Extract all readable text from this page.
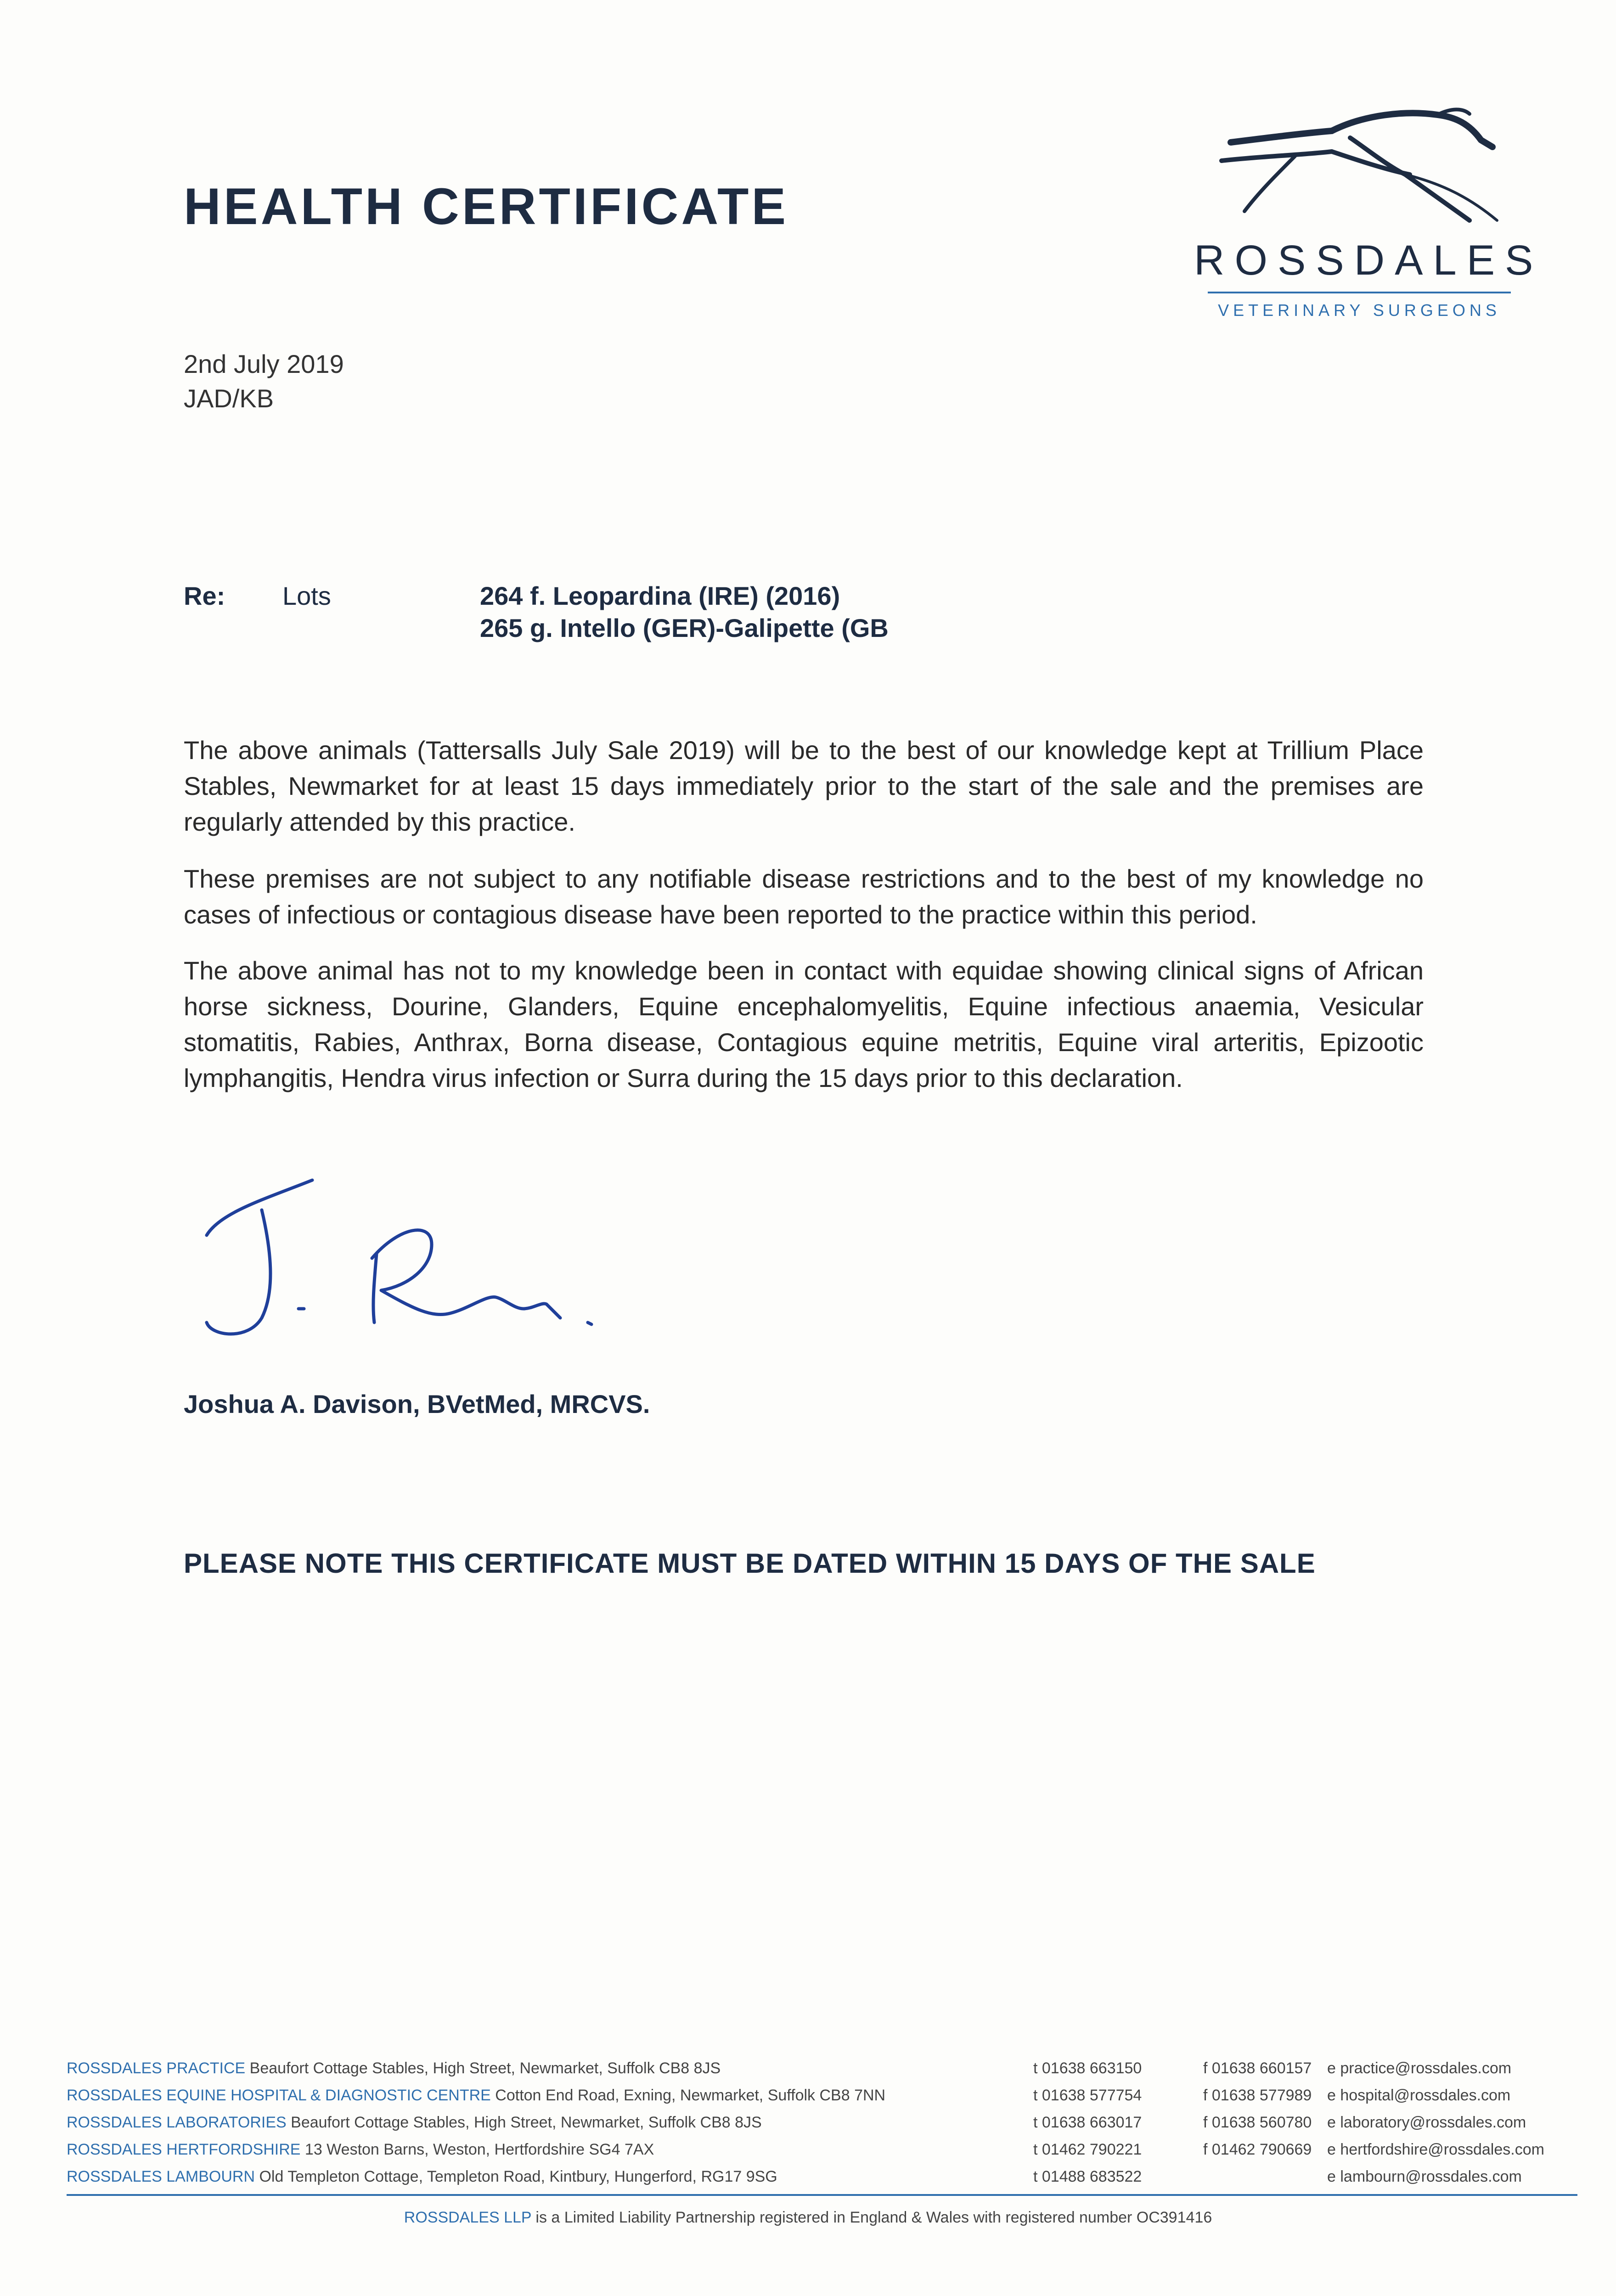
HEALTH CERTIFICATE
ROSSDALES
VETERINARY SURGEONS
2nd July 2019
JAD/KB
Re: Lots	264 f. Leopardina (IRE) (2016)
265 g. Intello (GER)-Galipette (GB
The above animals (Tattersalls July Sale 2019) will be to the best of our knowledge kept at Trillium Place Stables, Newmarket for at least 15 days immediately prior to the start of the sale and the premises are regularly attended by this practice.
These premises are not subject to any notifiable disease restrictions and to the best of my knowledge no cases of infectious or contagious disease have been reported to the practice within this period.
The above animal has not to my knowledge been in contact with equidae showing clinical signs of African horse sickness, Dourine, Glanders, Equine encephalomyelitis, Equine infectious anaemia, Vesicular stomatitis, Rabies, Anthrax, Borna disease, Contagious equine metritis, Equine viral arteritis, Epizootic lymphangitis, Hendra virus infection or Surra during the 15 days prior to this declaration.
Joshua A. Davison, BVetMed, MRCVS.
PLEASE NOTE THIS CERTIFICATE MUST BE DATED WITHIN 15 DAYS OF THE SALE
ROSSDALES PRACTICE Beaufort Cottage Stables, High Street, Newmarket, Suffolk CB8 8JS	t 01638 663150	f 01638 660157 e practice@rossdales.com
ROSSDALES EQUINE HOSPITAL & DIAGNOSTIC CENTRE Cotton End Road, Exning, Newmarket, Suffolk CB8 7NN	t 01638 577754	f 01638 577989 e hospital@rossdales.com
ROSSDALES LABORATORIES Beaufort Cottage Stables, High Street, Newmarket, Suffolk CB8 8JS	t 01638 663017	f 01638 560780 e laboratory@rossdales.com
ROSSDALES HERTFORDSHIRE 13 Weston Barns, Weston, Hertfordshire SG4 7AX	t 01462 790221	f 01462 790669 e hertfordshire@rossdales.com
ROSSDALES LAMBOURN Old Templeton Cottage, Templeton Road, Kintbury, Hungerford, RG17 9SG	t 01488 683522	e lambourn@rossdales.com
ROSSDALES LLP is a Limited Liability Partnership registered in England & Wales with registered number OC391416
